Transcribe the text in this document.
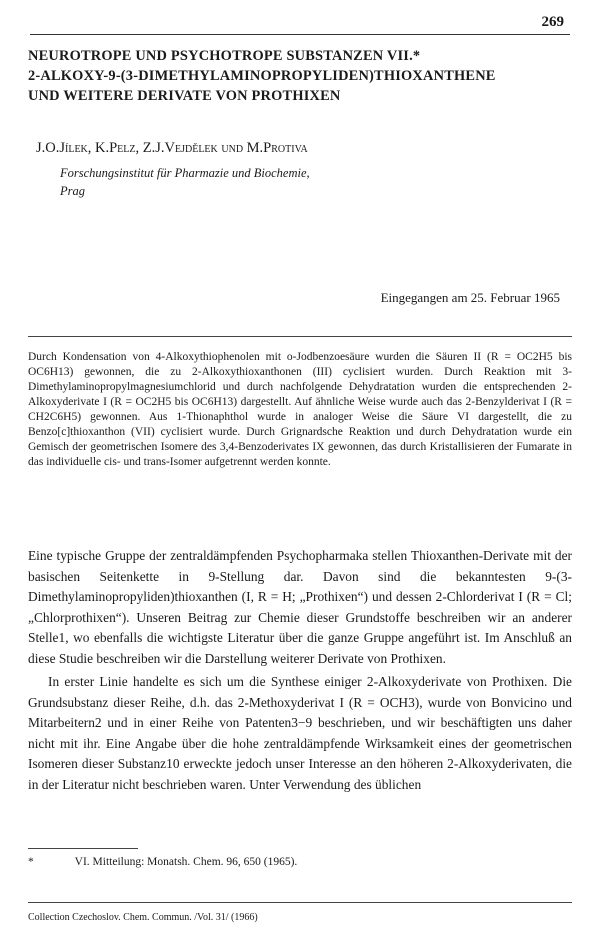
269

NEUROTROPE UND PSYCHOTROPE SUBSTANZEN VII.*

2-ALKOXY-9-(3-DIMETHYLAMINOPROPYLIDEN)THIOXANTHENE

UND WEITERE DERIVATE VON PROTHIXEN

J.O.Jílek, K.Pelz, Z.J.Vejdělek und M.Protiva
Forschungsinstitut für Pharmazie und Biochemie,
Prag
Eingegangen am 25. Februar 1965

Durch Kondensation von 4-Alkoxythiophenolen mit o-Jodbenzoesäure wurden die Säuren II (R = OC2H5 bis OC6H13) gewonnen, die zu 2-Alkoxythioxanthonen (III) cyclisiert wurden. Durch Reaktion mit 3-Dimethylaminopropylmagnesiumchlorid und durch nachfolgende Dehydratation wurden die entsprechenden 2-Alkoxyderivate I (R = OC2H5 bis OC6H13) dargestellt. Auf ähnliche Weise wurde auch das 2-Benzylderivat I (R = CH2C6H5) gewonnen. Aus 1-Thionaphthol wurde in analoger Weise die Säure VI dargestellt, die zu Benzo[c]thioxanthon (VII) cyclisiert wurde. Durch Grignardsche Reaktion und durch Dehydratation wurde ein Gemisch der geometrischen Isomere des 3,4-Benzoderivates IX gewonnen, das durch Kristallisieren der Fumarate in das individuelle cis- und trans-Isomer aufgetrennt werden konnte.

Eine typische Gruppe der zentraldämpfenden Psychopharmaka stellen Thioxanthen-Derivate mit der basischen Seitenkette in 9-Stellung dar. Davon sind die bekanntesten 9-(3-Dimethylaminopropyliden)thioxanthen (I, R = H; „Prothixen“) und dessen 2-Chlorderivat I (R = Cl; „Chlorprothixen“). Unseren Beitrag zur Chemie dieser Grundstoffe beschreiben wir an anderer Stelle1, wo ebenfalls die wichtigste Literatur über die ganze Gruppe angeführt ist. Im Anschluß an diese Studie beschreiben wir die Darstellung weiterer Derivate von Prothixen.

In erster Linie handelte es sich um die Synthese einiger 2-Alkoxyderivate von Prothixen. Die Grundsubstanz dieser Reihe, d.h. das 2-Methoxyderivat I (R = OCH3), wurde von Bonvicino und Mitarbeitern2 und in einer Reihe von Patenten3−9 beschrieben, und wir beschäftigten uns daher nicht mit ihr. Eine Angabe über die hohe zentraldämpfende Wirksamkeit eines der geometrischen Isomeren dieser Substanz10 erweckte jedoch unser Interesse an den höheren 2-Alkoxyderivaten, die in der Literatur nicht beschrieben waren. Unter Verwendung des üblichen

*	VI. Mitteilung: Monatsh. Chem. 96, 650 (1965).
Collection Czechoslov. Chem. Commun. /Vol. 31/ (1966)
